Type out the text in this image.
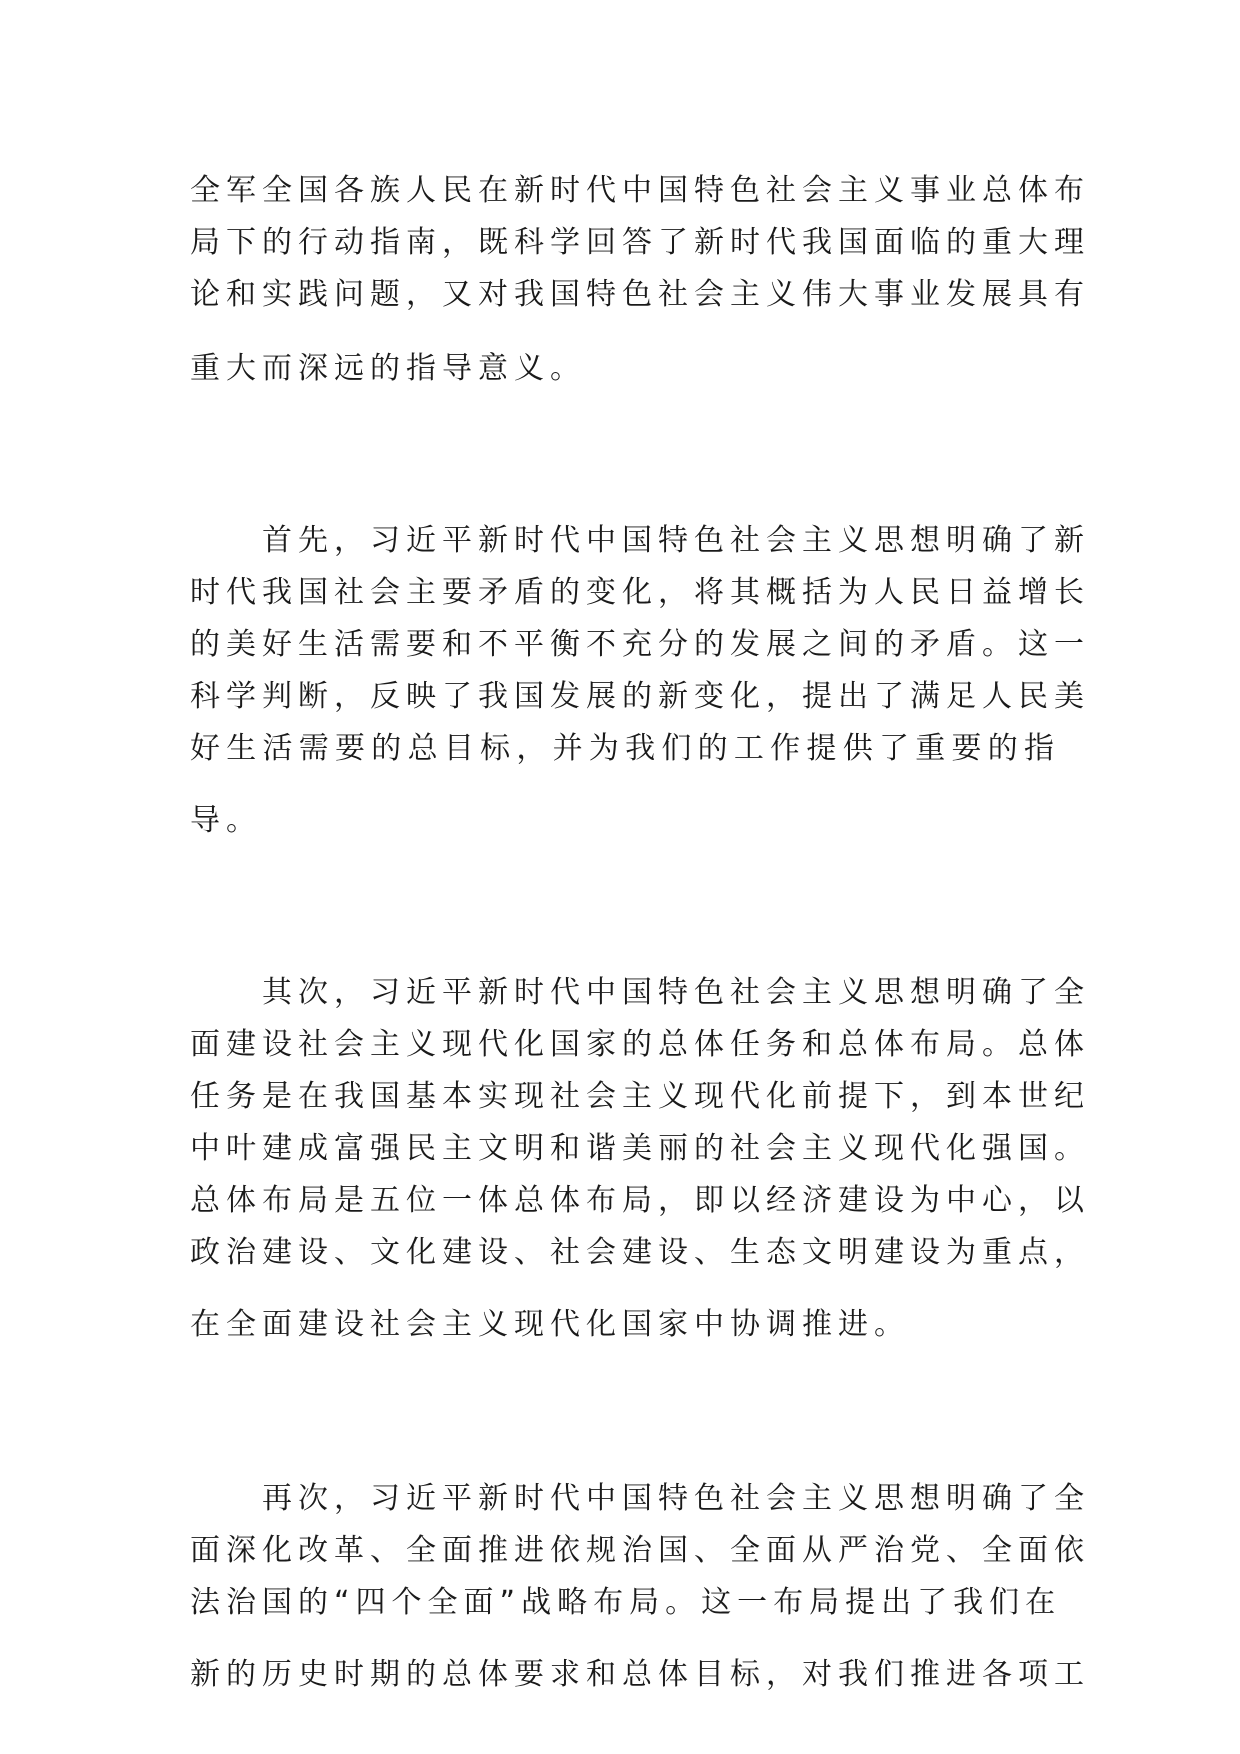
全军全国各族人民在新时代中国特色社会主义事业总体布
局下的行动指南，既科学回答了新时代我国面临的重大理
论和实践问题，又对我国特色社会主义伟大事业发展具有
重大而深远的指导意义。
　　首先，习近平新时代中国特色社会主义思想明确了新
时代我国社会主要矛盾的变化，将其概括为人民日益增长
的美好生活需要和不平衡不充分的发展之间的矛盾。这一
科学判断，反映了我国发展的新变化，提出了满足人民美
好生活需要的总目标，并为我们的工作提供了重要的指
导。
　　其次，习近平新时代中国特色社会主义思想明确了全
面建设社会主义现代化国家的总体任务和总体布局。总体
任务是在我国基本实现社会主义现代化前提下，到本世纪
中叶建成富强民主文明和谐美丽的社会主义现代化强国。
总体布局是五位一体总体布局，即以经济建设为中心，以
政治建设、文化建设、社会建设、生态文明建设为重点，
在全面建设社会主义现代化国家中协调推进。
　　再次，习近平新时代中国特色社会主义思想明确了全
面深化改革、全面推进依规治国、全面从严治党、全面依
法治国的“四个全面”战略布局。这一布局提出了我们在
新的历史时期的总体要求和总体目标，对我们推进各项工
